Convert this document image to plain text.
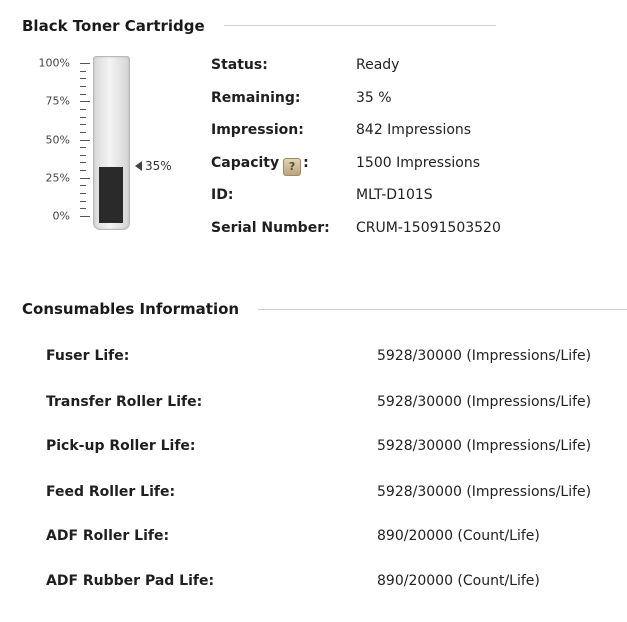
Black Toner Cartridge
100%
75%
50%
25%
0%
35%
Status:	Ready
Remaining:	35 %
Impression:	842 Impressions
Capacity ? :	1500 Impressions
ID:	MLT-D101S
Serial Number: CRUM-15091503520
Consumables Information
Fuser Life:	5928/30000 (Impressions/Life)
Transfer Roller Life:	5928/30000 (Impressions/Life)
Pick-up Roller Life:	5928/30000 (Impressions/Life)
Feed Roller Life:	5928/30000 (Impressions/Life)
ADF Roller Life:	890/20000 (Count/Life)
ADF Rubber Pad Life:	890/20000 (Count/Life)
